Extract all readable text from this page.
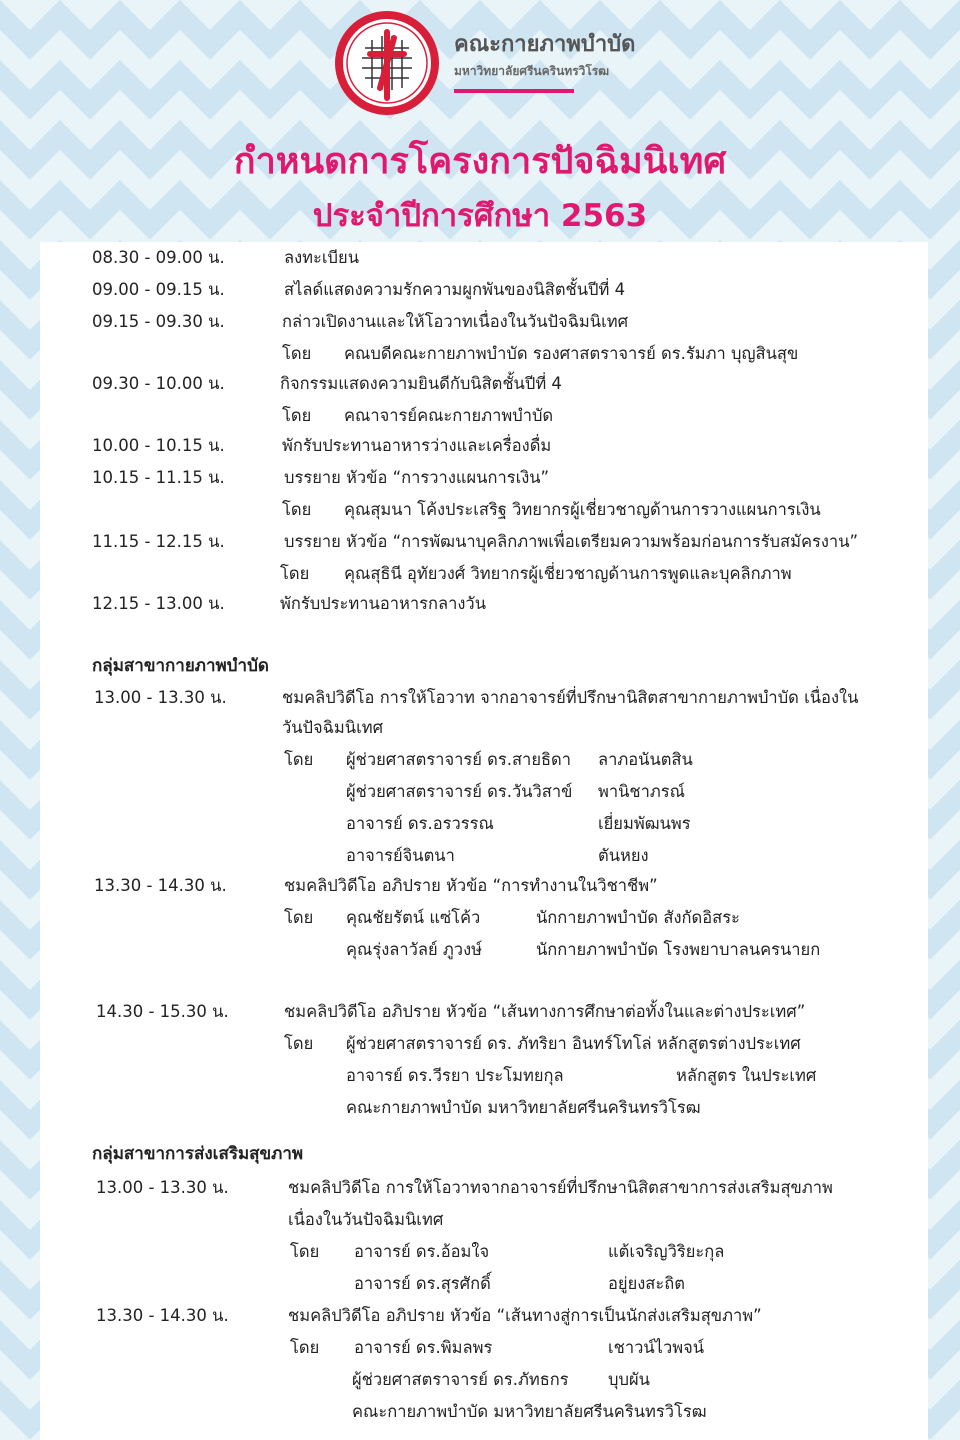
คณะกายภาพบำบัด
มหาวิทยาลัยศรีนครินทรวิโรฒ
กำหนดการโครงการปัจฉิมนิเทศ
ประจำปีการศึกษา 2563
08.30 - 09.00 น.	ลงทะเบียน
09.00 - 09.15 น.	สไลด์แสดงความรักความผูกพันของนิสิตชั้นปีที่ 4
09.15 - 09.30 น.	กล่าวเปิดงานและให้โอวาทเนื่องในวันปัจฉิมนิเทศ
โดย คณบดีคณะกายภาพบำบัด รองศาสตราจารย์ ดร.รัมภา บุญสินสุข
09.30 - 10.00 น.	กิจกรรมแสดงความยินดีกับนิสิตชั้นปีที่ 4
โดย คณาจารย์คณะกายภาพบำบัด
10.00 - 10.15 น.	พักรับประทานอาหารว่างและเครื่องดื่ม
10.15 - 11.15 น.	บรรยาย หัวข้อ “การวางแผนการเงิน”
โดย คุณสุมนา โค้งประเสริฐ วิทยากรผู้เชี่ยวชาญด้านการวางแผนการเงิน
11.15 - 12.15 น.	บรรยาย หัวข้อ “การพัฒนาบุคลิกภาพเพื่อเตรียมความพร้อมก่อนการรับสมัครงาน”
โดย คุณสุธินี อุทัยวงศ์ วิทยากรผู้เชี่ยวชาญด้านการพูดและบุคลิกภาพ
12.15 - 13.00 น.	พักรับประทานอาหารกลางวัน
กลุ่มสาขากายภาพบำบัด
13.00 - 13.30 น.	ชมคลิปวิดีโอ การให้โอวาท จากอาจารย์ที่ปรึกษานิสิตสาขากายภาพบำบัด เนื่องใน
วันปัจฉิมนิเทศ
โดย ผู้ช่วยศาสตราจารย์ ดร.สายธิดา ลาภอนันตสิน
ผู้ช่วยศาสตราจารย์ ดร.วันวิสาข์ พานิชาภรณ์
อาจารย์ ดร.อรวรรณ	เยี่ยมพัฒนพร
อาจารย์จินตนา	ตันหยง
13.30 - 14.30 น.	ชมคลิปวิดีโอ อภิปราย หัวข้อ “การทำงานในวิชาชีพ”
โดย คุณชัยรัตน์ แซ่โค้ว	นักกายภาพบำบัด สังกัดอิสระ
คุณรุ่งลาวัลย์ ภูวงษ์	นักกายภาพบำบัด โรงพยาบาลนครนายก
14.30 - 15.30 น.	ชมคลิปวิดีโอ อภิปราย หัวข้อ “เส้นทางการศึกษาต่อทั้งในและต่างประเทศ”
โดย ผู้ช่วยศาสตราจารย์ ดร. ภัทริยา อินทร์โทโล่ หลักสูตรต่างประเทศ
อาจารย์ ดร.วีรยา ประโมทยกุล	หลักสูตร ในประเทศ
คณะกายภาพบำบัด มหาวิทยาลัยศรีนครินทรวิโรฒ
กลุ่มสาขาการส่งเสริมสุขภาพ
13.00 - 13.30 น.	ชมคลิปวิดีโอ การให้โอวาทจากอาจารย์ที่ปรึกษานิสิตสาขาการส่งเสริมสุขภาพ
เนื่องในวันปัจฉิมนิเทศ
โดย อาจารย์ ดร.อ้อมใจ	แต้เจริญวิริยะกุล
อาจารย์ ดร.สุรศักดิ์	อยู่ยงสะถิต
13.30 - 14.30 น.	ชมคลิปวิดีโอ อภิปราย หัวข้อ “เส้นทางสู่การเป็นนักส่งเสริมสุขภาพ”
โดย อาจารย์ ดร.พิมลพร	เชาวน์ไวพจน์
ผู้ช่วยศาสตราจารย์ ดร.ภัทธกร บุบผัน
คณะกายภาพบำบัด มหาวิทยาลัยศรีนครินทรวิโรฒ
